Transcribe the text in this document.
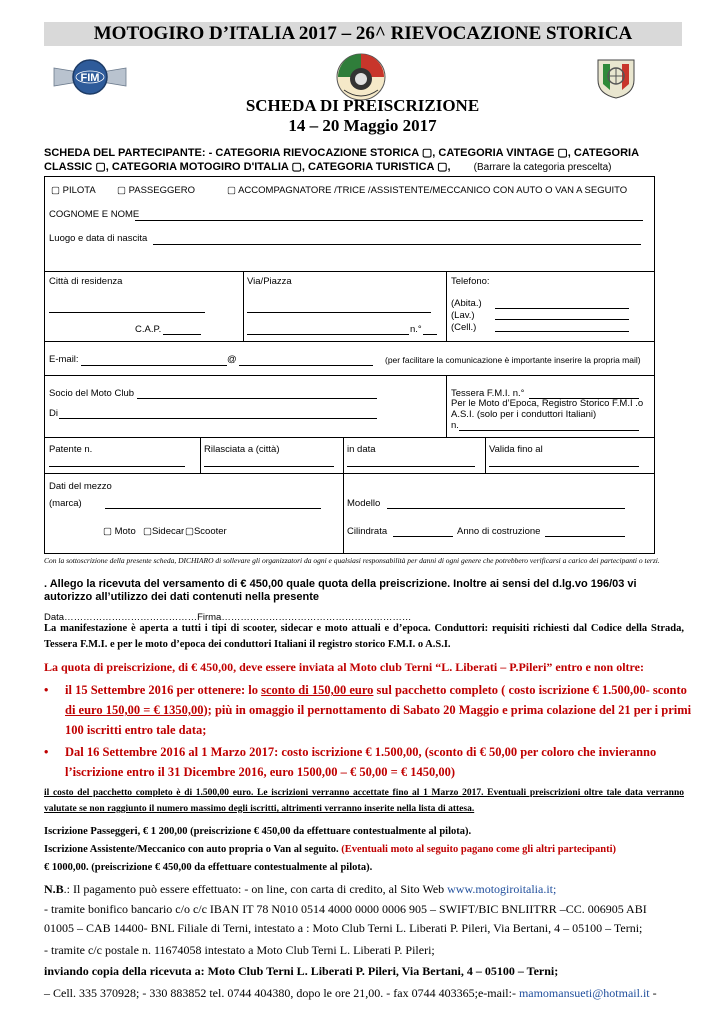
MOTOGIRO D’ITALIA 2017 – 26^ RIEVOCAZIONE STORICA
FIM
SCHEDA DI PREISCRIZIONE
14 – 20 Maggio 2017
SCHEDA DEL PARTECIPANTE: - CATEGORIA RIEVOCAZIONE STORICA ▢, CATEGORIA VINTAGE ▢, CATEGORIA
CLASSIC ▢, CATEGORIA MOTOGIRO D'ITALIA ▢, CATEGORIA TURISTICA ▢, (Barrare la categoria prescelta)
▢ PILOTA ▢ PASSEGGERO	▢ ACCOMPAGNATORE /TRICE /ASSISTENTE/MECCANICO CON AUTO O VAN A SEGUITO
COGNOME E NOME
Luogo e data di nascita
Città di residenza
C.A.P.
Via/Piazza
n.°
Telefono:
(Abita.)
(Lav.)
(Cell.)
E-mail:	@	(per facilitare la comunicazione è importante inserire la propria mail)
Socio del Moto Club
Di
Tessera F.M.I. n.°
Per le Moto d’Epoca, Registro Storico F.M.I .o
A.S.I. (solo per i conduttori Italiani)
n.
Patente n.	Rilasciata a (città)	in data	Valida fino al
Dati del mezzo
(marca)	Modello
▢ Moto ▢Sidecar ▢Scooter	Cilindrata	Anno di costruzione
Con la sottoscrizione della presente scheda, DICHIARO di sollevare gli organizzatori da ogni e qualsiasi responsabilità per danni di ogni genere che potrebbero verificarsi a carico dei partecipanti o terzi.
. Allego la ricevuta del versamento di € 450,00 quale quota della preiscrizione. Inoltre ai sensi del d.lg.vo 196/03 vi
autorizzo all’utilizzo dei dati contenuti nella presente
Data……………………………………Firma……………………………………………………
La manifestazione è aperta a tutti i tipi di scooter, sidecar e moto attuali e d’epoca. Conduttori: requisiti richiesti dal Codice della Strada, Tessera F.M.I. e per le moto d’epoca dei conduttori Italiani il registro storico F.M.I. o A.S.I.
La quota di preiscrizione, di € 450,00, deve essere inviata al Moto club Terni “L. Liberati – P.Pileri” entro e non oltre:
• il 15 Settembre 2016 per ottenere: lo sconto di 150,00 euro sul pacchetto completo ( costo iscrizione € 1.500,00- sconto
di euro 150,00 = € 1350,00); più in omaggio il pernottamento di Sabato 20 Maggio e prima colazione del 21 per i primi
100 iscritti entro tale data;
• Dal 16 Settembre 2016 al 1 Marzo 2017: costo iscrizione € 1.500,00, (sconto di € 50,00 per coloro che invieranno
l’iscrizione entro il 31 Dicembre 2016, euro 1500,00 – € 50,00 = € 1450,00)
il costo del pacchetto completo è di 1.500,00 euro. Le iscrizioni verranno accettate fino al 1 Marzo 2017. Eventuali preiscrizioni oltre tale data verranno valutate se non raggiunto il numero massimo degli iscritti, altrimenti verranno inserite nella lista di attesa.
Iscrizione Passeggeri, € 1 200,00 (preiscrizione € 450,00 da effettuare contestualmente al pilota).
Iscrizione Assistente/Meccanico con auto propria o Van al seguito. (Eventuali moto al seguito pagano come gli altri partecipanti)
€ 1000,00. (preiscrizione € 450,00 da effettuare contestualmente al pilota).
N.B.: Il pagamento può essere effettuato: - on line, con carta di credito, al Sito Web www.motogiroitalia.it;
- tramite bonifico bancario c/o c/c IBAN IT 78 N010 0514 4000 0000 0006 905 – SWIFT/BIC BNLIITRR –CC. 006905 ABI
01005 – CAB 14400- BNL Filiale di Terni, intestato a : Moto Club Terni L. Liberati P. Pileri, Via Bertani, 4 – 05100 – Terni;
- tramite c/c postale n. 11674058 intestato a Moto Club Terni L. Liberati P. Pileri;
inviando copia della ricevuta a: Moto Club Terni L. Liberati P. Pileri, Via Bertani, 4 – 05100 – Terni;
– Cell. 335 370928; - 330 883852 tel. 0744 404380, dopo le ore 21,00. - fax 0744 403365;e-mail:- mamomansueti@hotmail.it -
